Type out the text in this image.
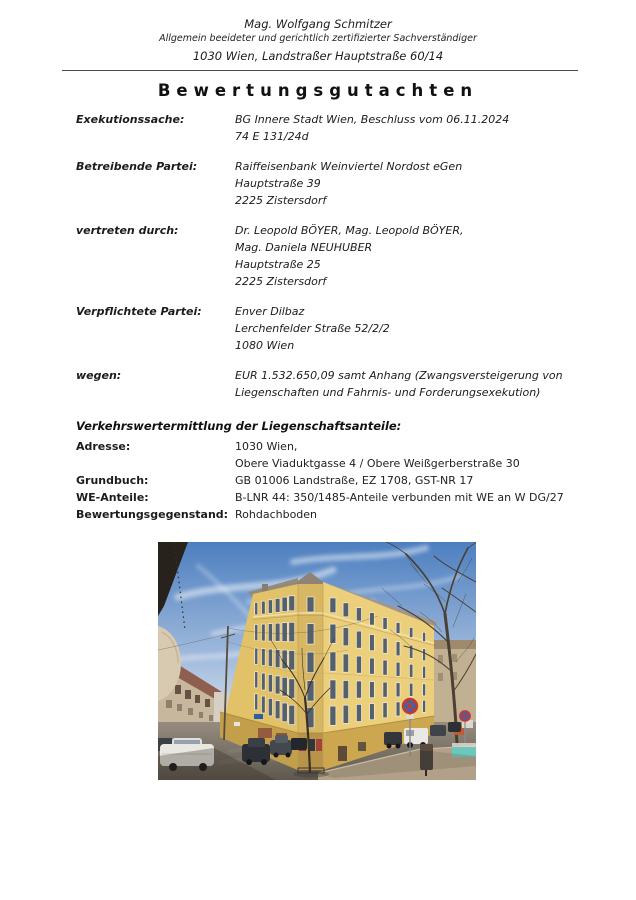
Mag. Wolfgang Schmitzer
Allgemein beeideter und gerichtlich zertifizierter Sachverständiger
1030 Wien, Landstraßer Hauptstraße 60/14
Bewertungsgutachten
Exekutionssache:	BG Innere Stadt Wien, Beschluss vom 06.11.2024
74 E 131/24d
Betreibende Partei:	Raiffeisenbank Weinviertel Nordost eGen
Hauptstraße 39
2225 Zistersdorf
vertreten durch:	Dr. Leopold BÖYER, Mag. Leopold BÖYER,
Mag. Daniela NEUHUBER
Hauptstraße 25
2225 Zistersdorf
Verpflichtete Partei:	Enver Dilbaz
Lerchenfelder Straße 52/2/2
1080 Wien
wegen:	EUR 1.532.650,09 samt Anhang (Zwangsversteigerung von
Liegenschaften und Fahrnis- und Forderungsexekution)
Verkehrswertermittlung der Liegenschaftsanteile:
Adresse:	1030 Wien,
Obere Viaduktgasse 4 / Obere Weißgerberstraße 30
Grundbuch:	GB 01006 Landstraße, EZ 1708, GST-NR 17
WE-Anteile:	B-LNR 44: 350/1485-Anteile verbunden mit WE an W DG/27
Bewertungsgegenstand: Rohdachboden
